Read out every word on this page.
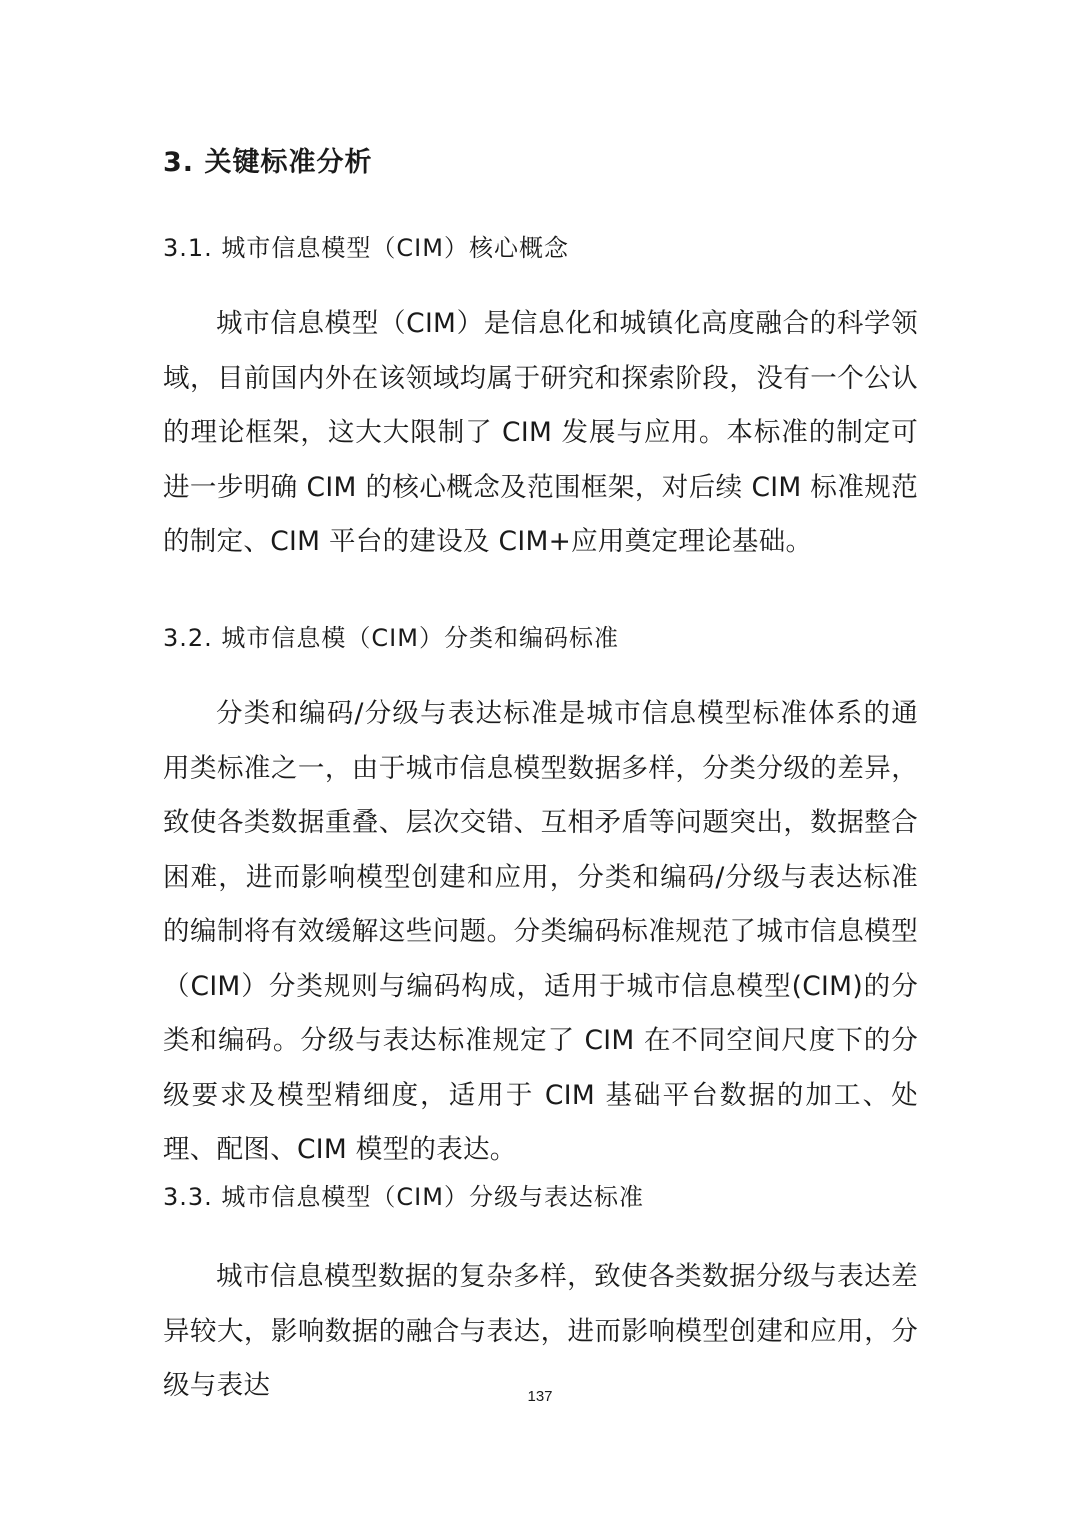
3. 关键标准分析
3.1. 城市信息模型（CIM）核心概念
城市信息模型（CIM）是信息化和城镇化高度融合的科学领域，目前国内外在该领域均属于研究和探索阶段，没有一个公认的理论框架，这大大限制了 CIM 发展与应用。本标准的制定可进一步明确 CIM 的核心概念及范围框架，对后续 CIM 标准规范的制定、CIM 平台的建设及 CIM+应用奠定理论基础。
3.2. 城市信息模（CIM）分类和编码标准
分类和编码/分级与表达标准是城市信息模型标准体系的通用类标准之一，由于城市信息模型数据多样，分类分级的差异，致使各类数据重叠、层次交错、互相矛盾等问题突出，数据整合困难，进而影响模型创建和应用，分类和编码/分级与表达标准的编制将有效缓解这些问题。分类编码标准规范了城市信息模型（CIM）分类规则与编码构成，适用于城市信息模型(CIM)的分类和编码。分级与表达标准规定了 CIM 在不同空间尺度下的分级要求及模型精细度，适用于 CIM 基础平台数据的加工、处理、配图、CIM 模型的表达。
3.3. 城市信息模型（CIM）分级与表达标准
城市信息模型数据的复杂多样，致使各类数据分级与表达差异较大，影响数据的融合与表达，进而影响模型创建和应用，分级与表达	137
